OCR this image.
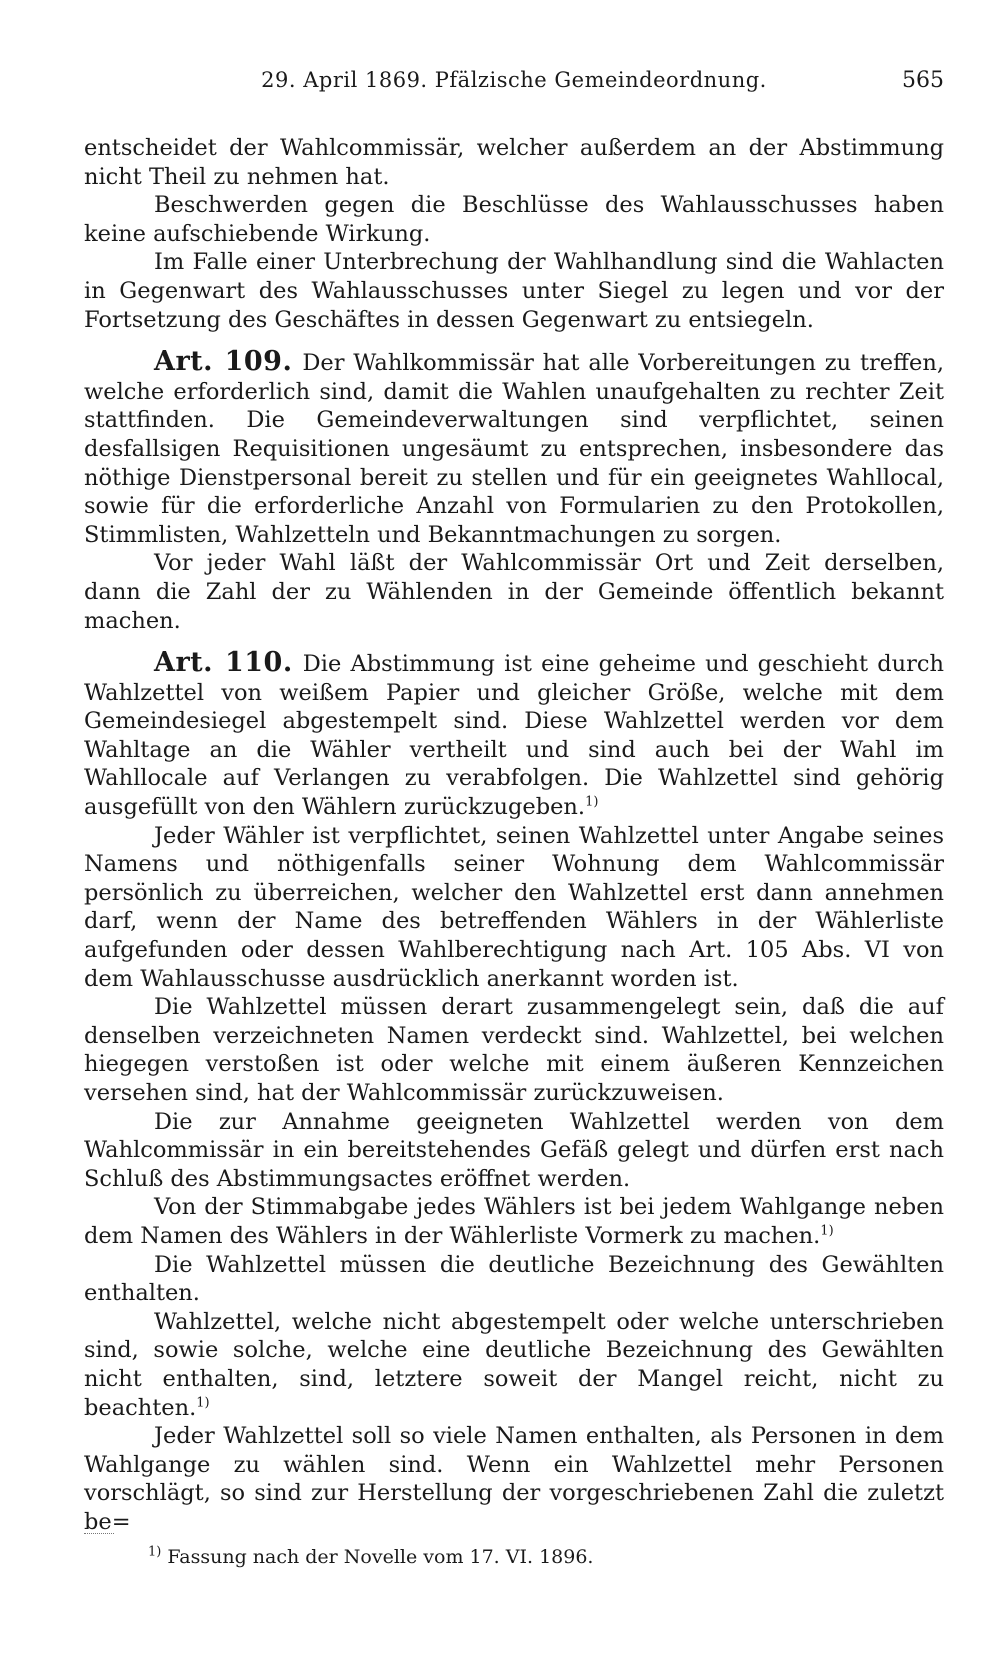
29. April 1869. Pfälzische Gemeindeordnung.	565

entscheidet der Wahlcommissär, welcher außerdem an der Abstimmung nicht Theil zu nehmen hat.

Beschwerden gegen die Beschlüsse des Wahlausschusses haben keine aufschiebende Wirkung.

Im Falle einer Unterbrechung der Wahlhandlung sind die Wahlacten in Gegenwart des Wahlausschusses unter Siegel zu legen und vor der Fortsetzung des Geschäftes in dessen Gegenwart zu entsiegeln.

Art. 109. Der Wahlkommissär hat alle Vorbereitungen zu treffen, welche erforderlich sind, damit die Wahlen unaufgehalten zu rechter Zeit stattfinden. Die Gemeindeverwaltungen sind verpflichtet, seinen desfallsigen Requisitionen ungesäumt zu entsprechen, insbesondere das nöthige Dienstpersonal bereit zu stellen und für ein geeignetes Wahllocal, sowie für die erforderliche Anzahl von Formularien zu den Protokollen, Stimmlisten, Wahlzetteln und Bekanntmachungen zu sorgen.

Vor jeder Wahl läßt der Wahlcommissär Ort und Zeit derselben, dann die Zahl der zu Wählenden in der Gemeinde öffentlich bekannt machen.

Art. 110. Die Abstimmung ist eine geheime und geschieht durch Wahlzettel von weißem Papier und gleicher Größe, welche mit dem Gemeindesiegel abgestempelt sind. Diese Wahlzettel werden vor dem Wahltage an die Wähler vertheilt und sind auch bei der Wahl im Wahllocale auf Verlangen zu verabfolgen. Die Wahlzettel sind gehörig ausgefüllt von den Wählern zurückzugeben.$^{1)}$

Jeder Wähler ist verpflichtet, seinen Wahlzettel unter Angabe seines Namens und nöthigenfalls seiner Wohnung dem Wahlcommissär persönlich zu überreichen, welcher den Wahlzettel erst dann annehmen darf, wenn der Name des betreffenden Wählers in der Wählerliste aufgefunden oder dessen Wahlberechtigung nach Art. 105 Abs. VI von dem Wahlausschusse ausdrücklich anerkannt worden ist.

Die Wahlzettel müssen derart zusammengelegt sein, daß die auf denselben verzeichneten Namen verdeckt sind. Wahlzettel, bei welchen hiegegen verstoßen ist oder welche mit einem äußeren Kennzeichen versehen sind, hat der Wahlcommissär zurückzuweisen.

Die zur Annahme geeigneten Wahlzettel werden von dem Wahlcommissär in ein bereitstehendes Gefäß gelegt und dürfen erst nach Schluß des Abstimmungsactes eröffnet werden.

Von der Stimmabgabe jedes Wählers ist bei jedem Wahlgange neben dem Namen des Wählers in der Wählerliste Vormerk zu machen.$^{1)}$

Die Wahlzettel müssen die deutliche Bezeichnung des Gewählten enthalten.

Wahlzettel, welche nicht abgestempelt oder welche unterschrieben sind, sowie solche, welche eine deutliche Bezeichnung des Gewählten nicht enthalten, sind, letztere soweit der Mangel reicht, nicht zu beachten.$^{1)}$

Jeder Wahlzettel soll so viele Namen enthalten, als Personen in dem Wahlgange zu wählen sind. Wenn ein Wahlzettel mehr Personen vorschlägt, so sind zur Herstellung der vorgeschriebenen Zahl die zuletzt be=

$^{1)}$ Fassung nach der Novelle vom 17. VI. 1896.
